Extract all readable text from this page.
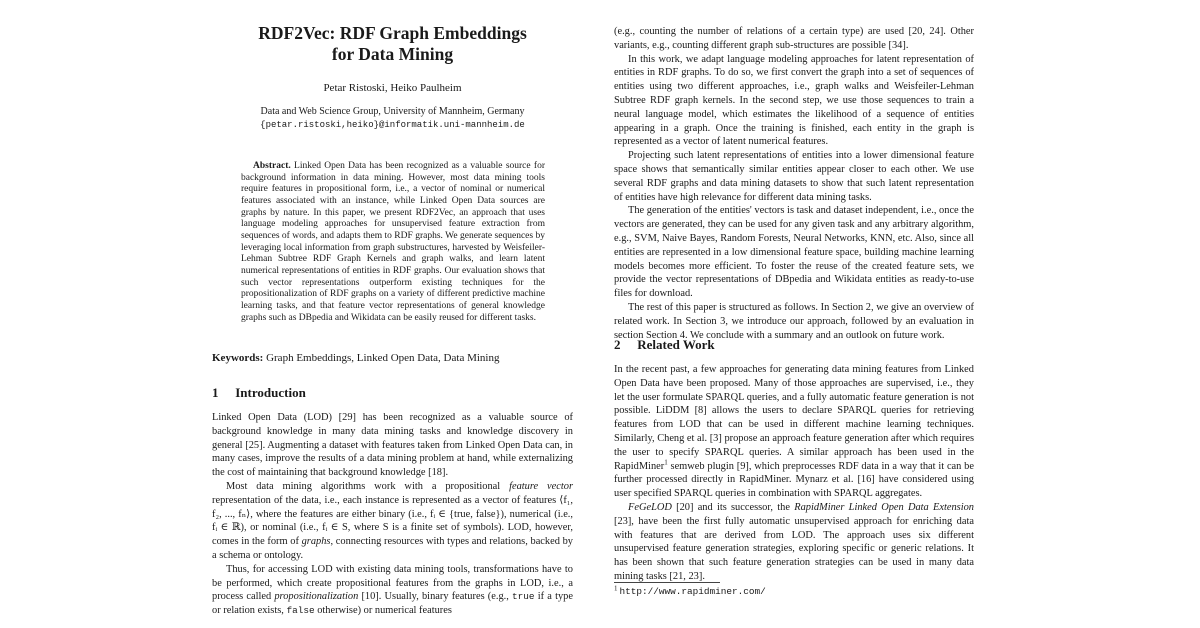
RDF2Vec: RDF Graph Embeddings
for Data Mining
Petar Ristoski, Heiko Paulheim
Data and Web Science Group, University of Mannheim, Germany
{petar.ristoski,heiko}@informatik.uni-mannheim.de
Abstract. Linked Open Data has been recognized as a valuable source for background information in data mining. However, most data mining tools require features in propositional form, i.e., a vector of nominal or numerical features associated with an instance, while Linked Open Data sources are graphs by nature. In this paper, we present RDF2Vec, an approach that uses language modeling approaches for unsupervised feature extraction from sequences of words, and adapts them to RDF graphs. We generate sequences by leveraging local information from graph substructures, harvested by Weisfeiler-Lehman Subtree RDF Graph Kernels and graph walks, and learn latent numerical representations of entities in RDF graphs. Our evaluation shows that such vector representations outperform existing techniques for the propositionalization of RDF graphs on a variety of different predictive machine learning tasks, and that feature vector representations of general knowledge graphs such as DBpedia and Wikidata can be easily reused for different tasks.
Keywords: Graph Embeddings, Linked Open Data, Data Mining
1 Introduction

Linked Open Data (LOD) [29] has been recognized as a valuable source of background knowledge in many data mining tasks and knowledge discovery in general [25]. Augmenting a dataset with features taken from Linked Open Data can, in many cases, improve the results of a data mining problem at hand, while externalizing the cost of maintaining that background knowledge [18].

Most data mining algorithms work with a propositional feature vector representation of the data, i.e., each instance is represented as a vector of features ⟨f₁, f₂, ..., fₙ⟩, where the features are either binary (i.e., fᵢ ∈ {true, false}), numerical (i.e., fᵢ ∈ ℝ), or nominal (i.e., fᵢ ∈ S, where S is a finite set of symbols). LOD, however, comes in the form of graphs, connecting resources with types and relations, backed by a schema or ontology.

Thus, for accessing LOD with existing data mining tools, transformations have to be performed, which create propositional features from the graphs in LOD, i.e., a process called propositionalization [10]. Usually, binary features (e.g., true if a type or relation exists, false otherwise) or numerical features

(e.g., counting the number of relations of a certain type) are used [20, 24]. Other variants, e.g., counting different graph sub-structures are possible [34].

In this work, we adapt language modeling approaches for latent representation of entities in RDF graphs. To do so, we first convert the graph into a set of sequences of entities using two different approaches, i.e., graph walks and Weisfeiler-Lehman Subtree RDF graph kernels. In the second step, we use those sequences to train a neural language model, which estimates the likelihood of a sequence of entities appearing in a graph. Once the training is finished, each entity in the graph is represented as a vector of latent numerical features.

Projecting such latent representations of entities into a lower dimensional feature space shows that semantically similar entities appear closer to each other. We use several RDF graphs and data mining datasets to show that such latent representation of entities have high relevance for different data mining tasks.

The generation of the entities' vectors is task and dataset independent, i.e., once the vectors are generated, they can be used for any given task and any arbitrary algorithm, e.g., SVM, Naive Bayes, Random Forests, Neural Networks, KNN, etc. Also, since all entities are represented in a low dimensional feature space, building machine learning models becomes more efficient. To foster the reuse of the created feature sets, we provide the vector representations of DBpedia and Wikidata entities as ready-to-use files for download.

The rest of this paper is structured as follows. In Section 2, we give an overview of related work. In Section 3, we introduce our approach, followed by an evaluation in section Section 4. We conclude with a summary and an outlook on future work.

2 Related Work

In the recent past, a few approaches for generating data mining features from Linked Open Data have been proposed. Many of those approaches are supervised, i.e., they let the user formulate SPARQL queries, and a fully automatic feature generation is not possible. LiDDM [8] allows the users to declare SPARQL queries for retrieving features from LOD that can be used in different machine learning techniques. Similarly, Cheng et al. [3] propose an approach feature generation after which requires the user to specify SPARQL queries. A similar approach has been used in the RapidMiner$^1$ semweb plugin [9], which preprocesses RDF data in a way that it can be further processed directly in RapidMiner. Mynarz et al. [16] have considered using user specified SPARQL queries in combination with SPARQL aggregates.

FeGeLOD [20] and its successor, the RapidMiner Linked Open Data Extension [23], have been the first fully automatic unsupervised approach for enriching data with features that are derived from LOD. The approach uses six different unsupervised feature generation strategies, exploring specific or generic relations. It has been shown that such feature generation strategies can be used in many data mining tasks [21, 23].

$^1$ http://www.rapidminer.com/
